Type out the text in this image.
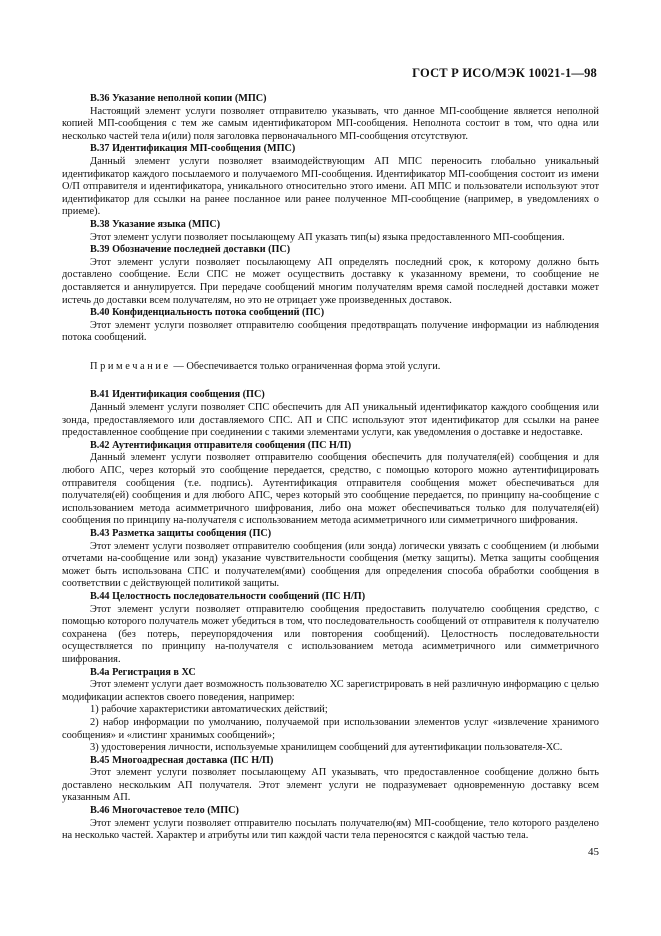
ГОСТ Р ИСО/МЭК 10021-1—98

В.36 Указание неполной копии (МПС)

Настоящий элемент услуги позволяет отправителю указывать, что данное МП-сообщение является неполной копией МП-сообщения с тем же самым идентификатором МП-сообщения. Неполнота состоит в том, что одна или несколько частей тела и(или) поля заголовка первоначального МП-сообщения отсутствуют.

В.37 Идентификация МП-сообщения (МПС)

Данный элемент услуги позволяет взаимодействующим АП МПС переносить глобально уникальный идентификатор каждого посылаемого и получаемого МП-сообщения. Идентификатор МП-сообщения состоит из имени О/П отправителя и идентификатора, уникального относительно этого имени. АП МПС и пользователи используют этот идентификатор для ссылки на ранее посланное или ранее полученное МП-сообщение (например, в уведомлениях о приеме).

В.38 Указание языка (МПС)

Этот элемент услуги позволяет посылающему АП указать тип(ы) языка предоставленного МП-сообщения.

В.39 Обозначение последней доставки (ПС)

Этот элемент услуги позволяет посылающему АП определять последний срок, к которому должно быть доставлено сообщение. Если СПС не может осуществить доставку к указанному времени, то сообщение не доставляется и аннулируется. При передаче сообщений многим получателям время самой последней доставки может истечь до доставки всем получателям, но это не отрицает уже произведенных доставок.

В.40 Конфиденциальность потока сообщений (ПС)

Этот элемент услуги позволяет отправителю сообщения предотвращать получение информации из наблюдения потока сообщений.

Примечание — Обеспечивается только ограниченная форма этой услуги.

В.41 Идентификация сообщения (ПС)

Данный элемент услуги позволяет СПС обеспечить для АП уникальный идентификатор каждого сообщения или зонда, предоставляемого или доставляемого СПС. АП и СПС используют этот идентификатор для ссылки на ранее предоставленное сообщение при соединении с такими элементами услуги, как уведомления о доставке и недоставке.

В.42 Аутентификация отправителя сообщения (ПС Н/П)

Данный элемент услуги позволяет отправителю сообщения обеспечить для получателя(ей) сообщения и для любого АПС, через который это сообщение передается, средство, с помощью которого можно аутентифицировать отправителя сообщения (т.е. подпись). Аутентификация отправителя сообщения может обеспечиваться для получателя(ей) сообщения и для любого АПС, через который это сообщение передается, по принципу на-сообщение с использованием метода асимметричного шифрования, либо она может обеспечиваться только для получателя(ей) сообщения по принципу на-получателя с использованием метода асимметричного или симметричного шифрования.

В.43 Разметка защиты сообщения (ПС)

Этот элемент услуги позволяет отправителю сообщения (или зонда) логически увязать с сообщением (и любыми отчетами на-сообщение или зонд) указание чувствительности сообщения (метку защиты). Метка защиты сообщения может быть использована СПС и получателем(ями) сообщения для определения способа обработки сообщения в соответствии с действующей политикой защиты.

В.44 Целостность последовательности сообщений (ПС Н/П)

Этот элемент услуги позволяет отправителю сообщения предоставить получателю сообщения средство, с помощью которого получатель может убедиться в том, что последовательность сообщений от отправителя к получателю сохранена (без потерь, переупорядочения или повторения сообщений). Целостность последовательности осуществляется по принципу на-получателя с использованием метода асимметричного или симметричного шифрования.

В.4а Регистрация в ХС

Этот элемент услуги дает возможность пользователю ХС зарегистрировать в ней различную информацию с целью модификации аспектов своего поведения, например:

1) рабочие характеристики автоматических действий;

2) набор информации по умолчанию, получаемой при использовании элементов услуг «извлечение хранимого сообщения» и «листинг хранимых сообщений»;

3) удостоверения личности, используемые хранилищем сообщений для аутентификации пользователя-ХС.

В.45 Многоадресная доставка (ПС Н/П)

Этот элемент услуги позволяет посылающему АП указывать, что предоставленное сообщение должно быть доставлено нескольким АП получателя. Этот элемент услуги не подразумевает одновременную доставку всем указанным АП.

В.46 Многочастевое тело (МПС)

Этот элемент услуги позволяет отправителю посылать получателю(ям) МП-сообщение, тело которого разделено на несколько частей. Характер и атрибуты или тип каждой части тела переносятся с каждой частью тела.

45
